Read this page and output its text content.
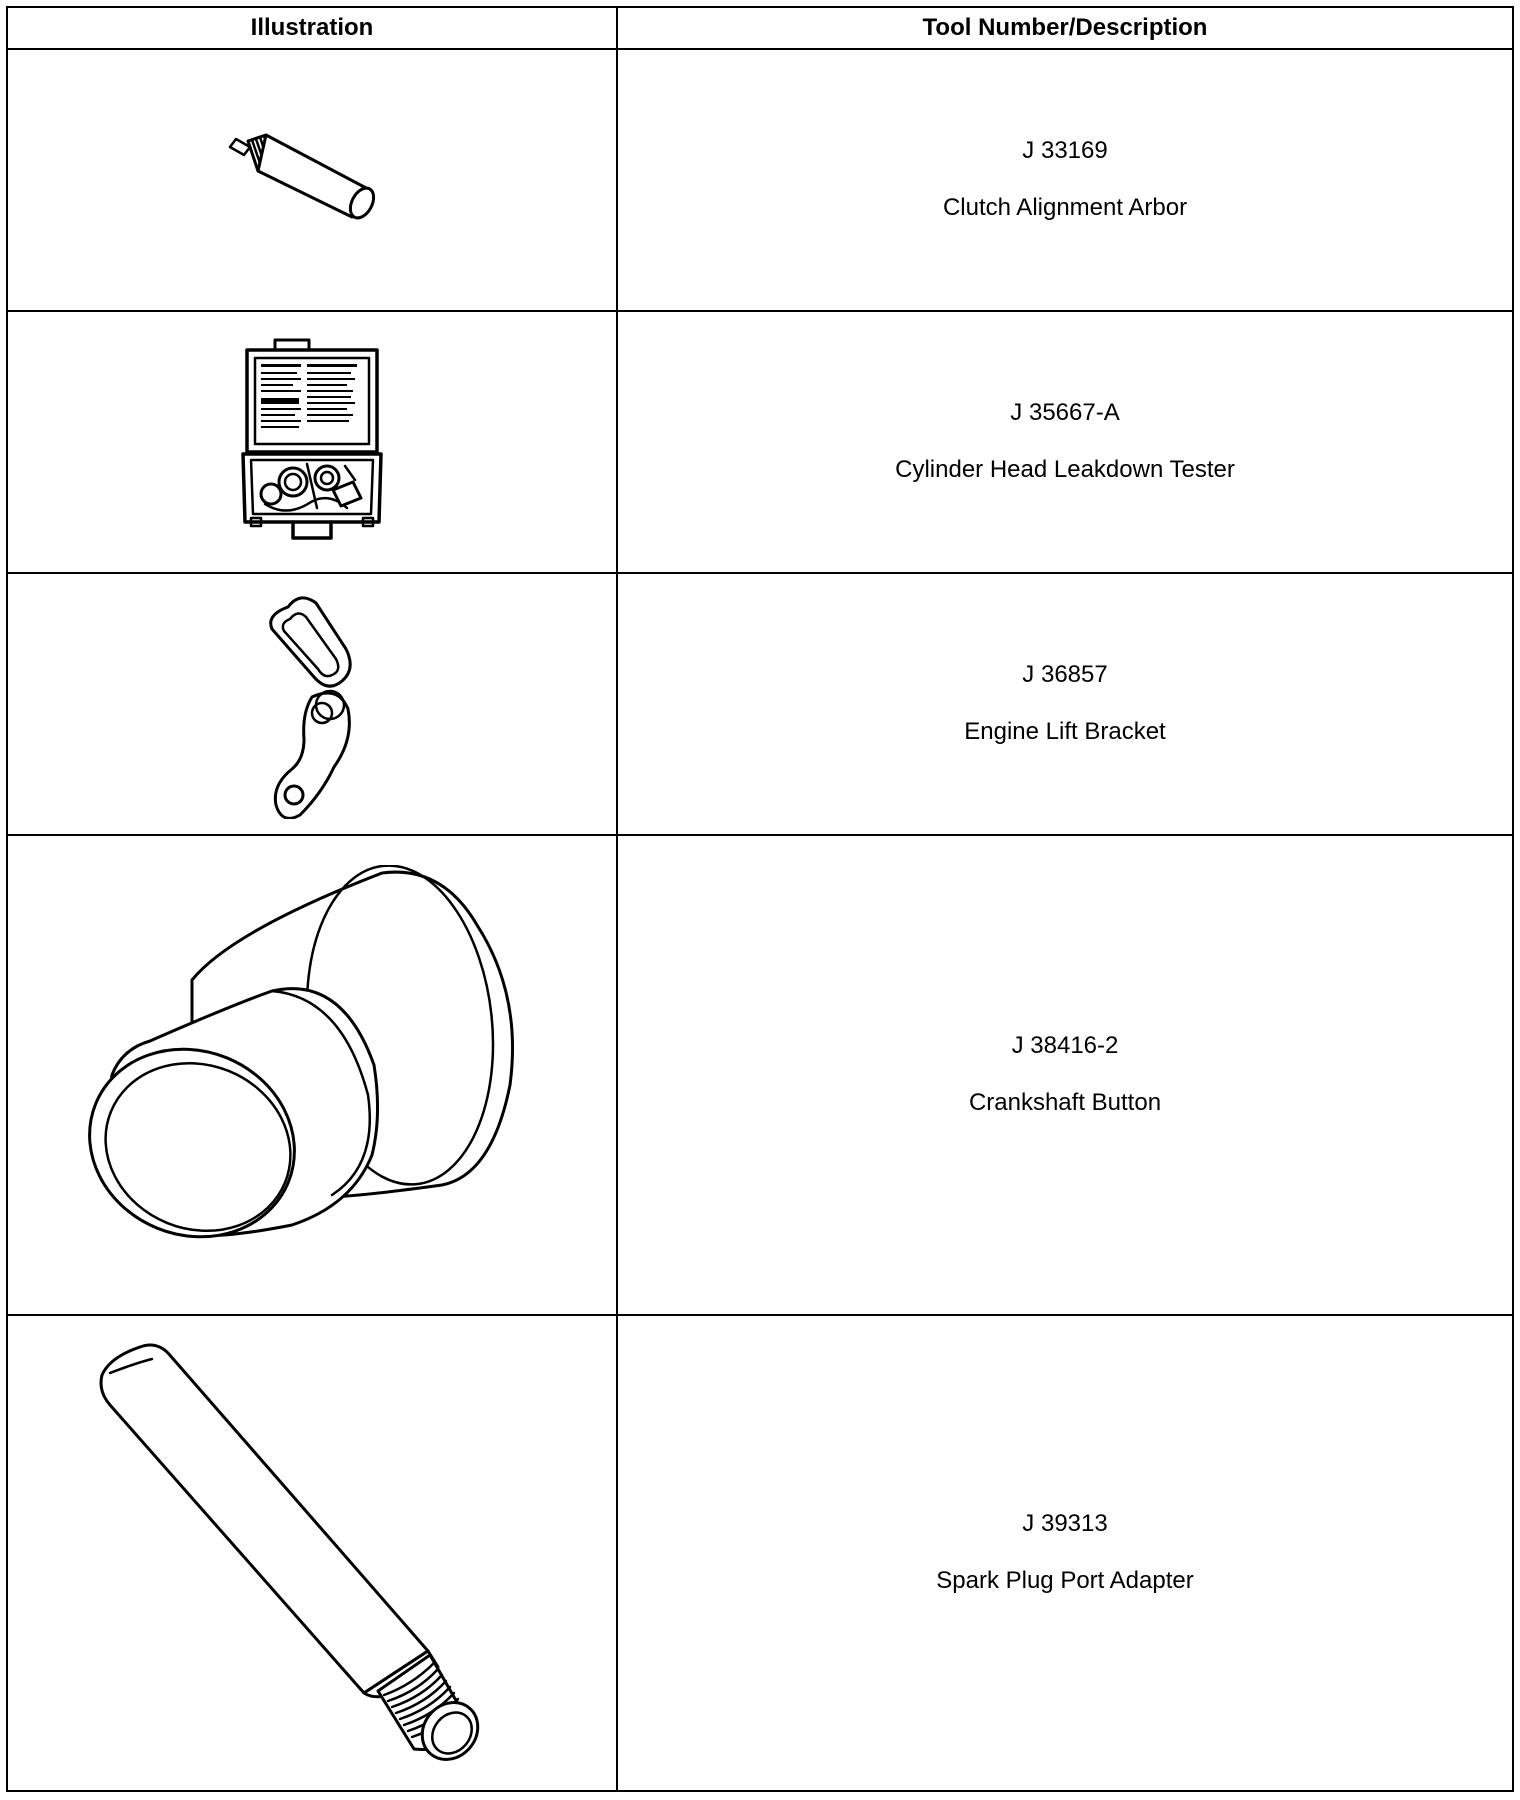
Illustration	Tool Number/Description

J 33169
Clutch Alignment Arbor

J 35667-A
Cylinder Head Leakdown Tester

J 36857
Engine Lift Bracket

J 38416-2
Crankshaft Button

J 39313
Spark Plug Port Adapter
